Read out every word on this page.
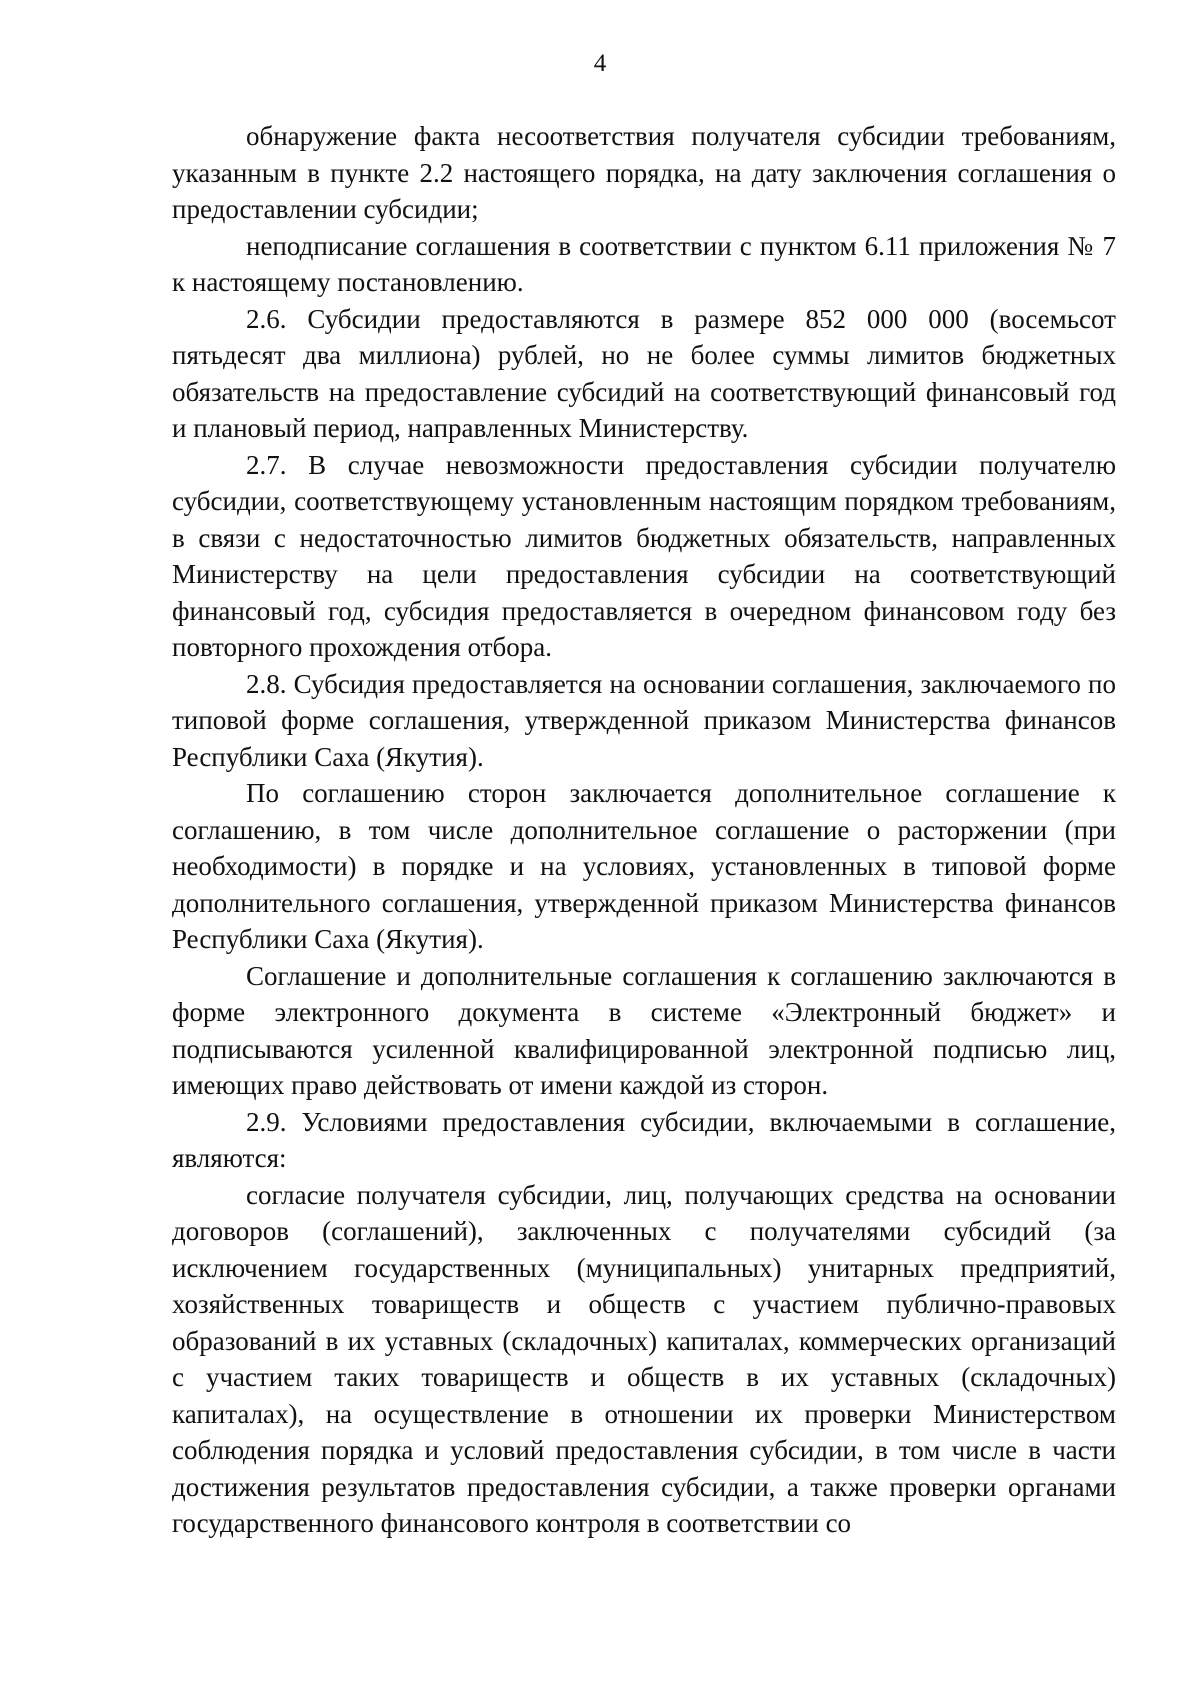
4

обнаружение факта несоответствия получателя субсидии требованиям, указанным в пункте 2.2 настоящего порядка, на дату заключения соглашения о предоставлении субсидии;

неподписание соглашения в соответствии с пунктом 6.11 приложения № 7 к настоящему постановлению.

2.6. Субсидии предоставляются в размере 852 000 000 (восемьсот пятьдесят два миллиона) рублей, но не более суммы лимитов бюджетных обязательств на предоставление субсидий на соответствующий финансовый год и плановый период, направленных Министерству.

2.7. В случае невозможности предоставления субсидии получателю субсидии, соответствующему установленным настоящим порядком требованиям, в связи с недостаточностью лимитов бюджетных обязательств, направленных Министерству на цели предоставления субсидии на соответствующий финансовый год, субсидия предоставляется в очередном финансовом году без повторного прохождения отбора.

2.8. Субсидия предоставляется на основании соглашения, заключаемого по типовой форме соглашения, утвержденной приказом Министерства финансов Республики Саха (Якутия).

По соглашению сторон заключается дополнительное соглашение к соглашению, в том числе дополнительное соглашение о расторжении (при необходимости) в порядке и на условиях, установленных в типовой форме дополнительного соглашения, утвержденной приказом Министерства финансов Республики Саха (Якутия).

Соглашение и дополнительные соглашения к соглашению заключаются в форме электронного документа в системе «Электронный бюджет» и подписываются усиленной квалифицированной электронной подписью лиц, имеющих право действовать от имени каждой из сторон.

2.9. Условиями предоставления субсидии, включаемыми в соглашение, являются:

согласие получателя субсидии, лиц, получающих средства на основании договоров (соглашений), заключенных с получателями субсидий (за исключением государственных (муниципальных) унитарных предприятий, хозяйственных товариществ и обществ с участием публично-правовых образований в их уставных (складочных) капиталах, коммерческих организаций с участием таких товариществ и обществ в их уставных (складочных) капиталах), на осуществление в отношении их проверки Министерством соблюдения порядка и условий предоставления субсидии, в том числе в части достижения результатов предоставления субсидии, а также проверки органами государственного финансового контроля в соответствии со
